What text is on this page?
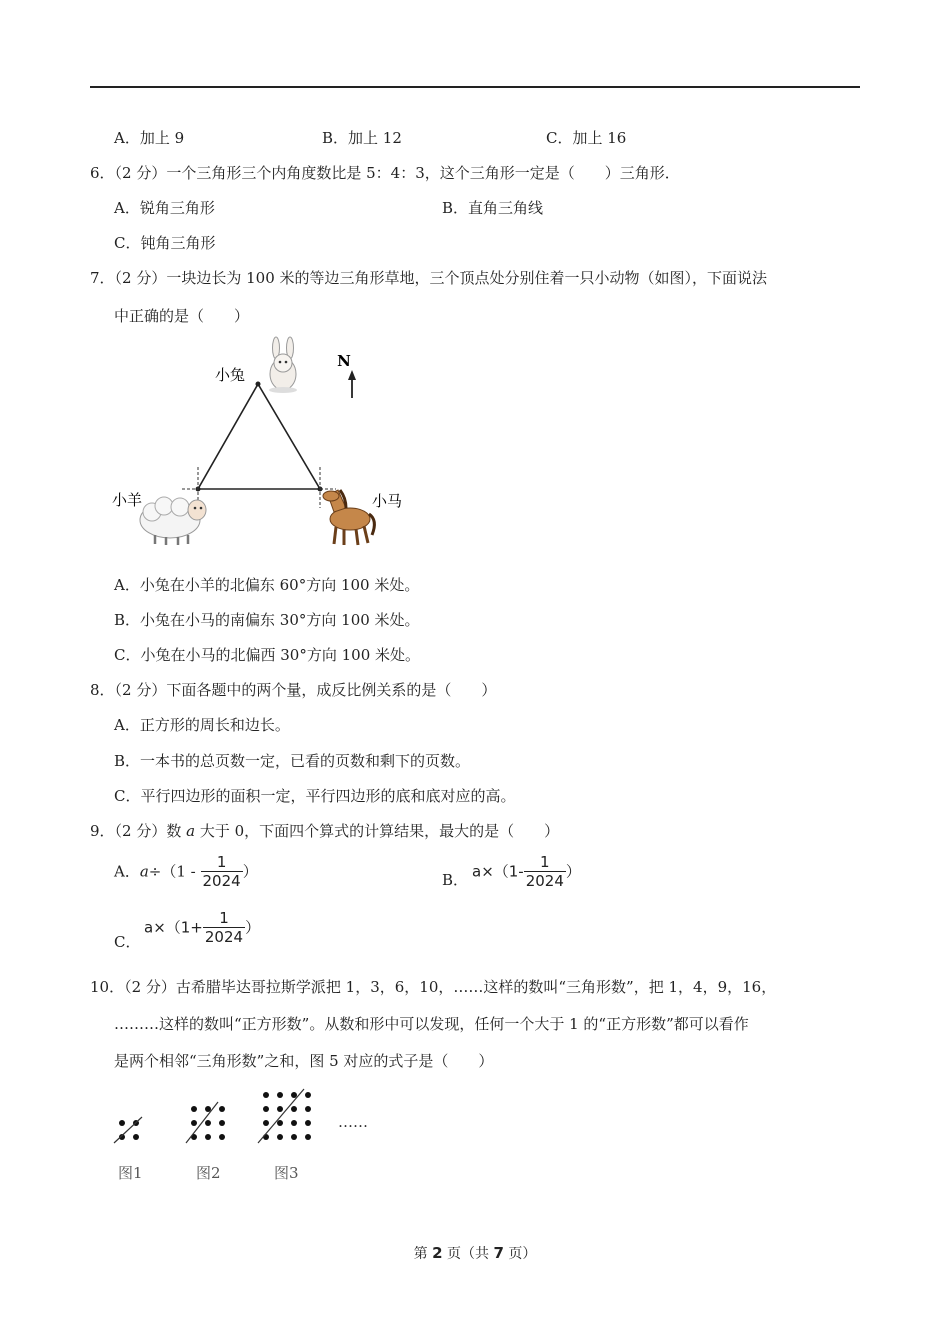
A．加上 9	B．加上 12	C．加上 16
6．（2 分）一个三角形三个内角度数比是 5：4：3，这个三角形一定是（　　）三角形．
A．锐角三角形	B．直角三角线
C．钝角三角形
7．（2 分）一块边长为 100 米的等边三角形草地，三个顶点处分别住着一只小动物（如图），下面说法
中正确的是（　　）
N
小兔
小羊	小马
A．小兔在小羊的北偏东 60°方向 100 米处。
B．小兔在小马的南偏东 30°方向 100 米处。
C．小兔在小马的北偏西 30°方向 100 米处。
8．（2 分）下面各题中的两个量，成反比例关系的是（　　）
A．正方形的周长和边长。
B．一本书的总页数一定，已看的页数和剩下的页数。
C．平行四边形的面积一定，平行四边形的底和底对应的高。
9．（2 分）数 a 大于 0，下面四个算式的计算结果，最大的是（　　）
A．$a\div(1 - \frac{1}{2024}$ ）	B． $a\times(1- \frac{1}{2024}$ ）
C．
$a\times(1+ \frac{1}{2024}$ ）
10．（2 分）古希腊毕达哥拉斯学派把 1，3，6，10，……这样的数叫“三角形数”，把 1，4，9，16，
………这样的数叫“正方形数”。从数和形中可以发现，任何一个大于 1 的“正方形数”都可以看作
是两个相邻“三角形数”之和，图 5 对应的式子是（　　）
……
图1	图2	图3
第 2 页（共 7 页）
